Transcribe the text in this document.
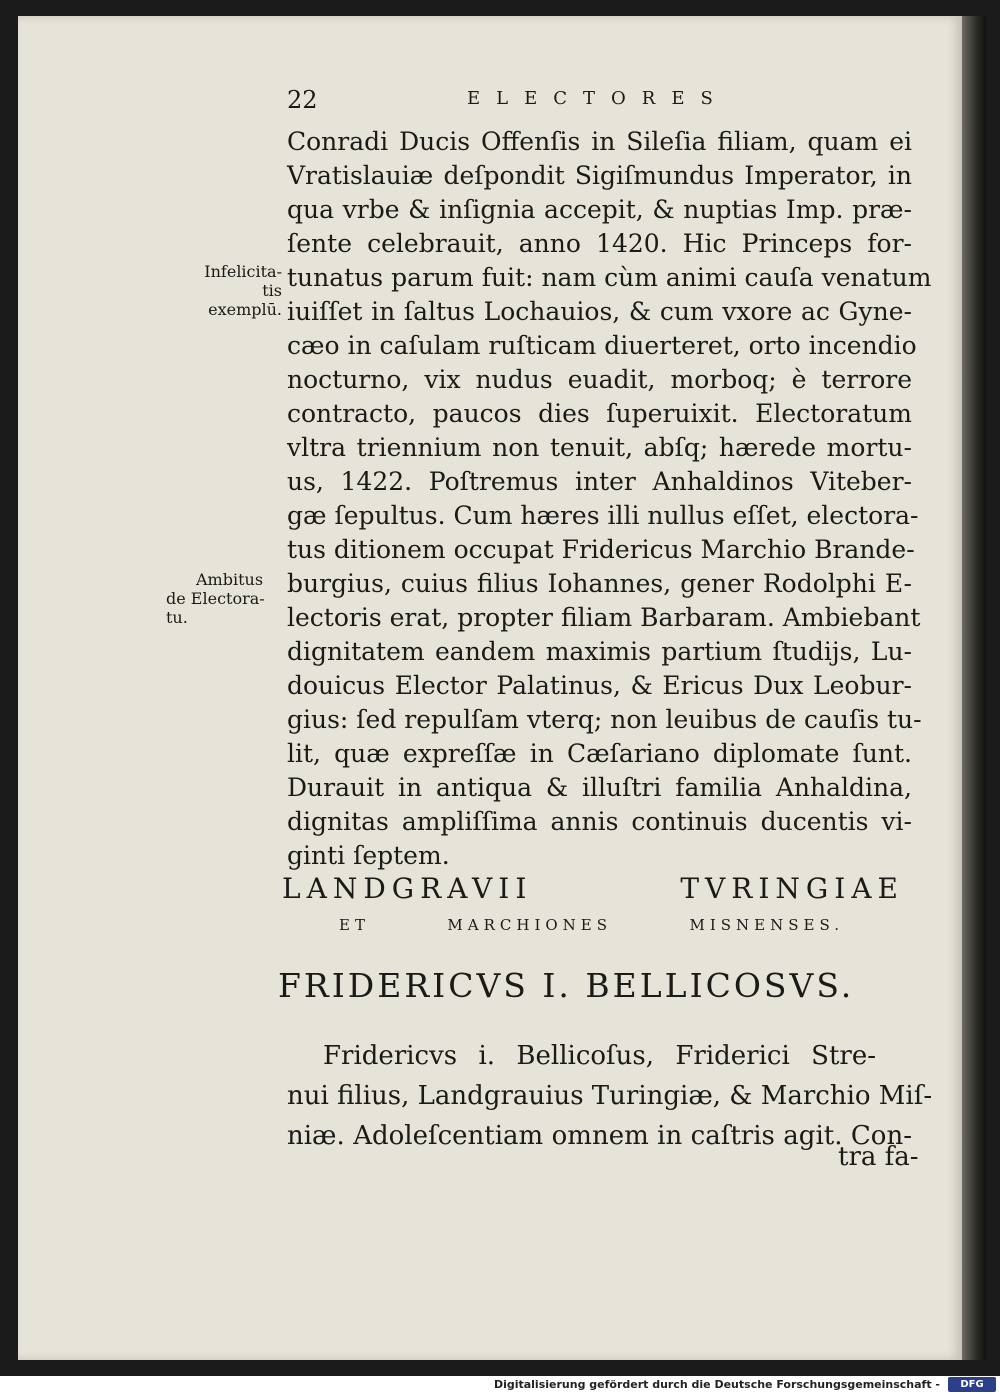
22	ELECTORES
Infelicita-
tis exemplū.
Ambitus
de Electora-
tu.
Conradi Ducis Offenſis in Sileſia filiam, quam ei
Vratislauiæ deſpondit Sigiſmundus Imperator, in
qua vrbe & inſignia accepit, & nuptias Imp. præ-
ſente celebrauit, anno 1420. Hic Princeps for-
tunatus parum fuit: nam cùm animi cauſa venatum
iuiſſet in ſaltus Lochauios, & cum vxore ac Gyne-
cæo in caſulam ruſticam diuerteret, orto incendio
nocturno, vix nudus euadit, morboq; è terrore
contracto, paucos dies ſuperuixit. Electoratum
vltra triennium non tenuit, abſq; hærede mortu-
us, 1422. Poſtremus inter Anhaldinos Viteber-
gæ ſepultus. Cum hæres illi nullus eſſet, electora-
tus ditionem occupat Fridericus Marchio Brande-
burgius, cuius filius Iohannes, gener Rodolphi E-
lectoris erat, propter filiam Barbaram. Ambiebant
dignitatem eandem maximis partium ſtudijs, Lu-
douicus Elector Palatinus, & Ericus Dux Leobur-
gius: ſed repulſam vterq; non leuibus de cauſis tu-
lit, quæ expreſſæ in Cæſariano diplomate ſunt.
Durauit in antiqua & illuſtri familia Anhaldina,
dignitas ampliſſima annis continuis ducentis vi-
ginti ſeptem.
LANDGRAVII TVRINGIAE
ET MARCHIONES MISNENSES.
FRIDERICVS I. BELLICOSVS.
Fridericvs i. Bellicoſus, Friderici Stre-
nui filius, Landgrauius Turingiæ, & Marchio Miſ-
niæ. Adoleſcentiam omnem in caſtris agit. Con-
tra fa-
Digitalisierung gefördert durch die Deutsche Forschungsgemeinschaft -	DFG
